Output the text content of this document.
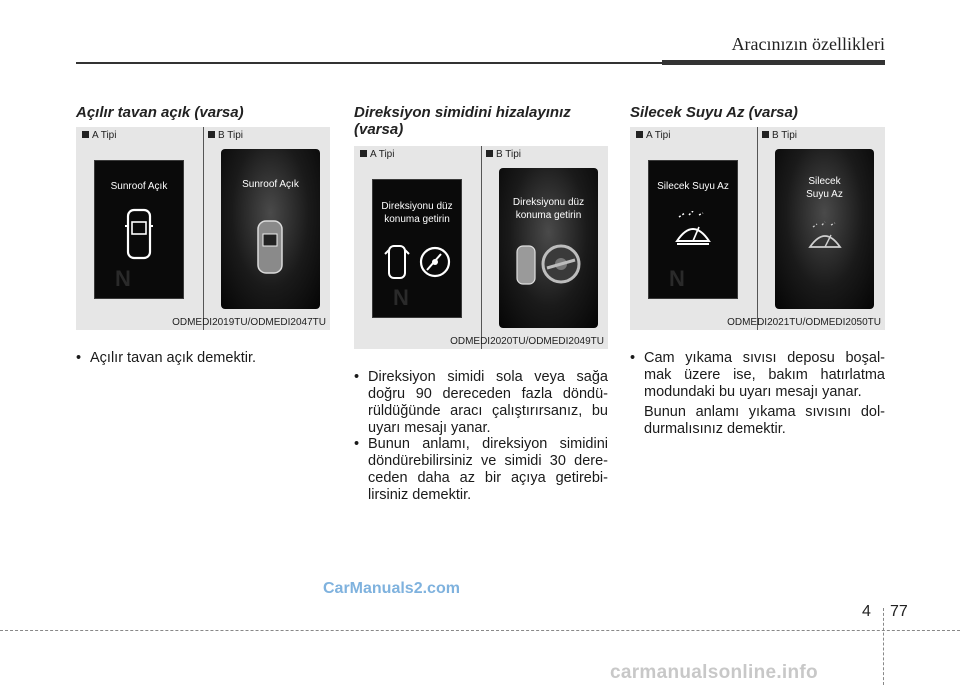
Aracınızın özellikleri

Açılır tavan açık (varsa)

A Tipi	B Tipi
Sunroof Açık
N
Sunroof Açık
ODMEDI2019TU/ODMEDI2047TU
• Açılır tavan açık demektir.

Direksiyon simidini hizalayınız (varsa)

A Tipi	B Tipi
Direksiyonu düz konuma getirin
N
Direksiyonu düz konuma getirin
ODMEDI2020TU/ODMEDI2049TU
• Direksiyon simidi sola veya sağa doğru 90 dereceden fazla döndü-rüldüğünde aracı çalıştırırsanız, bu uyarı mesajı yanar.
• Bunun anlamı, direksiyon simidini döndürebilirsiniz ve simidi 30 dere-ceden daha az bir açıya getirebi-lirsiniz demektir.

Silecek Suyu Az (varsa)

A Tipi	B Tipi
Silecek Suyu Az
N
Silecek Suyu Az
ODMEDI2021TU/ODMEDI2050TU
• Cam yıkama sıvısı deposu boşal-mak üzere ise, bakım hatırlatma modundaki bu uyarı mesajı yanar.

Bunun anlamı yıkama sıvısını dol-durmalısınız demektir.

CarManuals2.com
4 77
carmanualsonline.info
